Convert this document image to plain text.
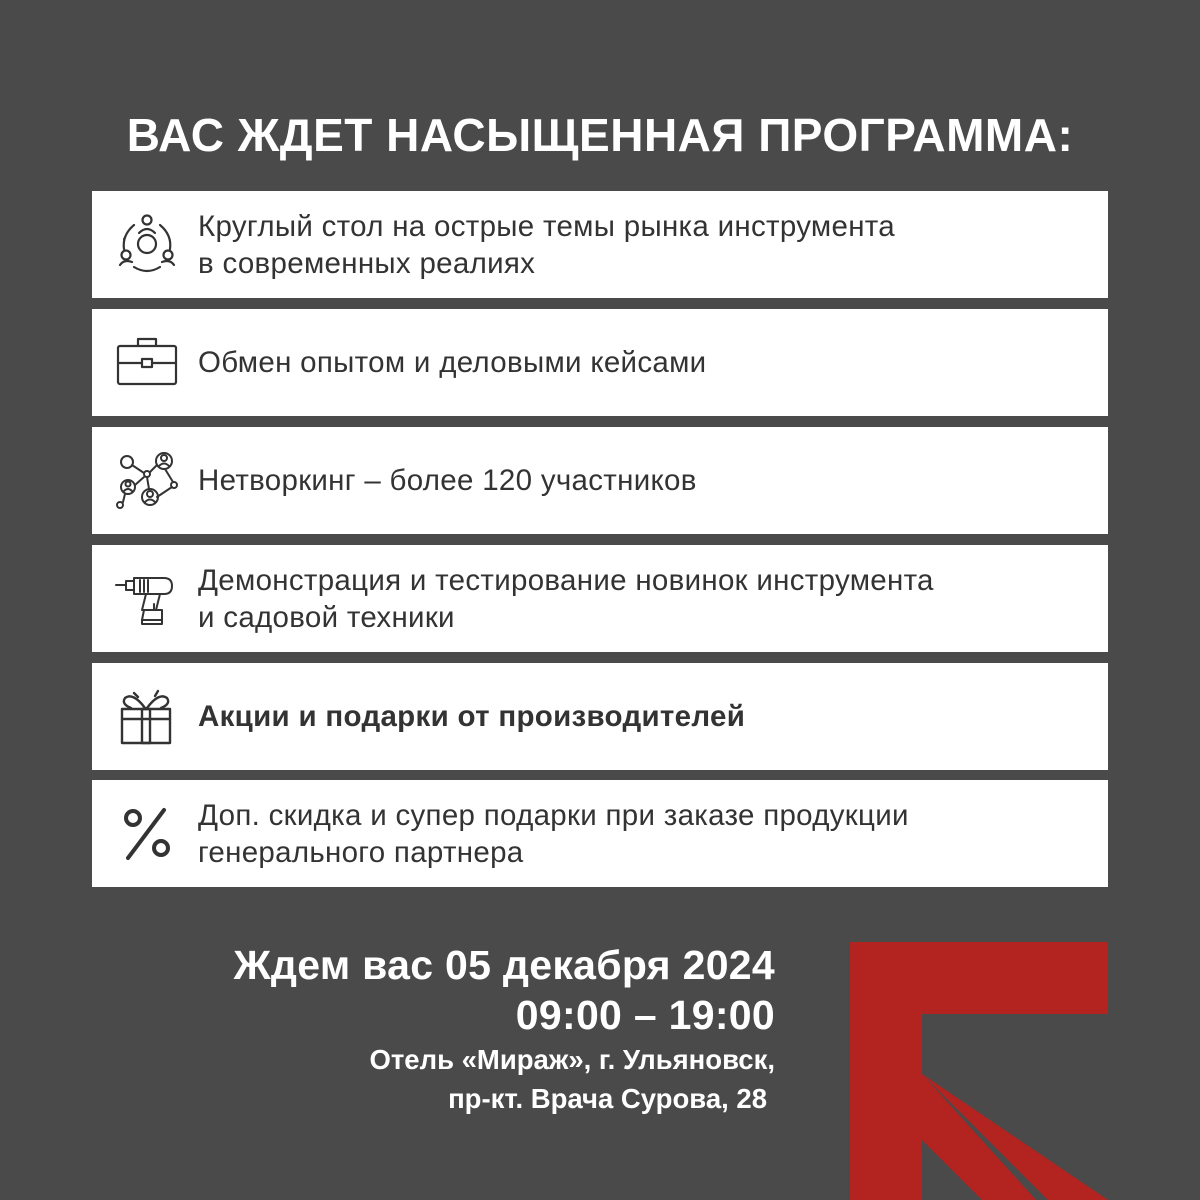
ВАС ЖДЕТ НАСЫЩЕННАЯ ПРОГРАММА:
Круглый стол на острые темы рынка инструмента
в современных реалиях
Обмен опытом и деловыми кейсами
Нетворкинг – более 120 участников
Демонстрация и тестирование новинок инструмента
и садовой техники
Акции и подарки от производителей
Доп. скидка и супер подарки при заказе продукции
генерального партнера
Ждем вас 05 декабря 2024
09:00 – 19:00
Отель «Мираж», г. Ульяновск,
пр-кт. Врача Сурова, 28
